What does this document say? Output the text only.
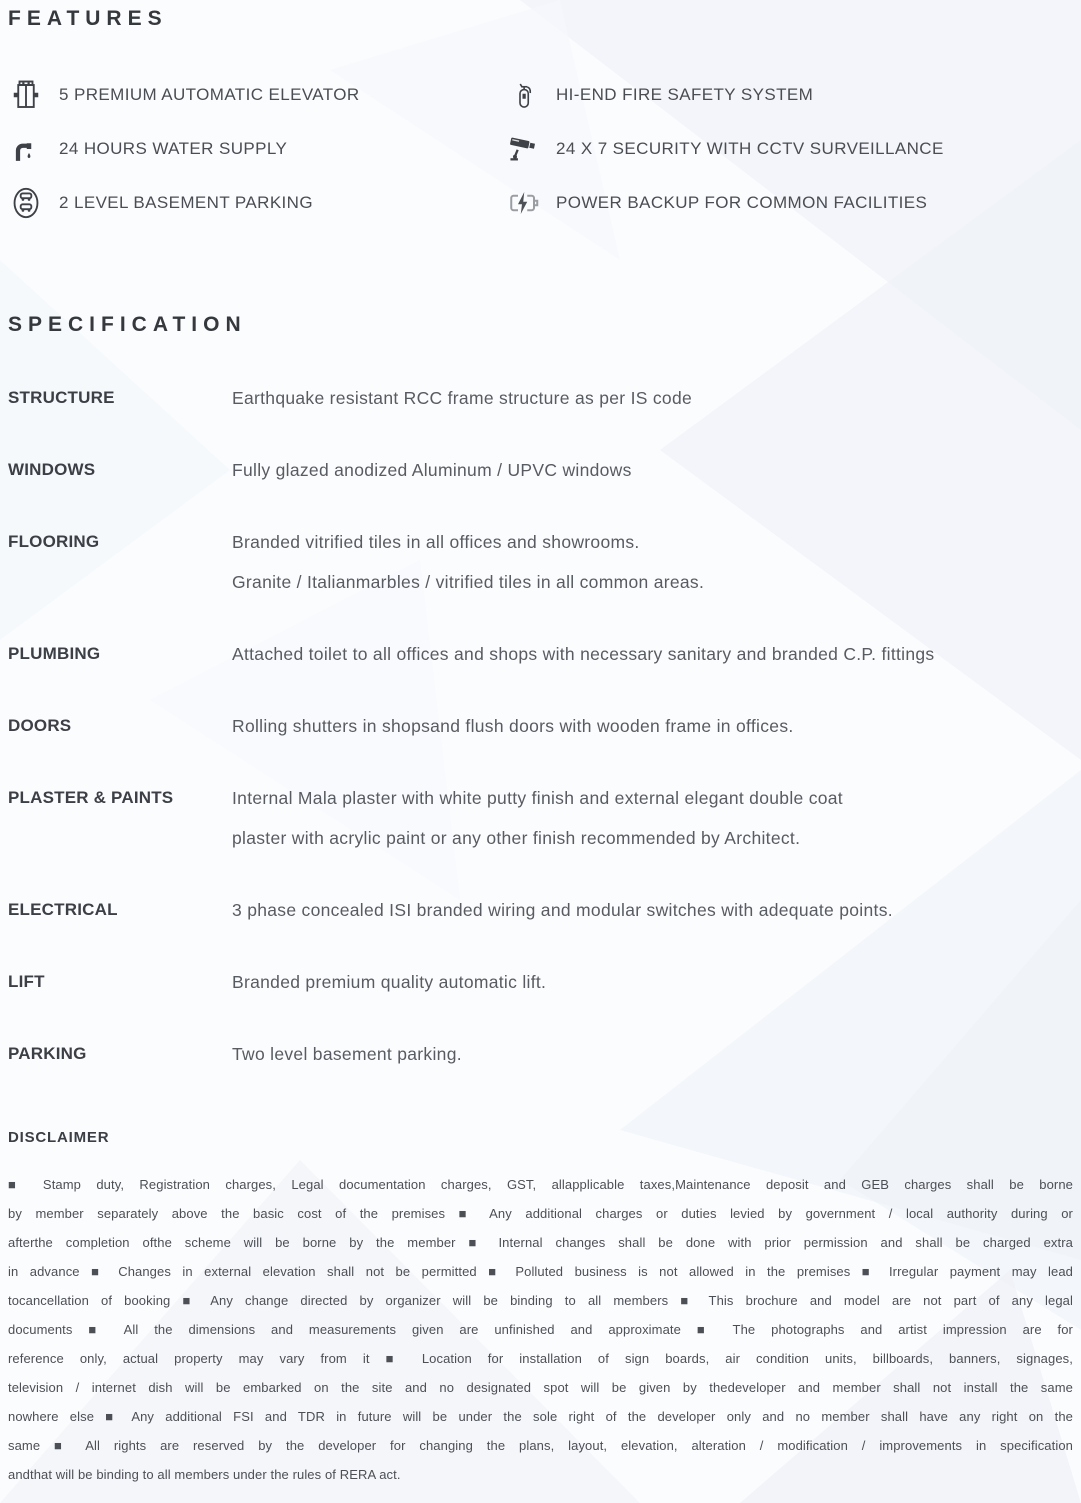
FEATURES
5 PREMIUM AUTOMATIC ELEVATOR
24 HOURS WATER SUPPLY
2 LEVEL BASEMENT PARKING
HI-END FIRE SAFETY SYSTEM
24 X 7 SECURITY WITH CCTV SURVEILLANCE
POWER BACKUP FOR COMMON FACILITIES
SPECIFICATION
STRUCTURE	Earthquake resistant RCC frame structure as per IS code
WINDOWS	Fully glazed anodized Aluminum / UPVC windows
FLOORING	Branded vitrified tiles in all offices and showrooms.
Granite / Italianmarbles / vitrified tiles in all common areas.
PLUMBING	Attached toilet to all offices and shops with necessary sanitary and branded C.P. fittings
DOORS	Rolling shutters in shopsand flush doors with wooden frame in offices.
PLASTER & PAINTS	Internal Mala plaster with white putty finish and external elegant double coat
plaster with acrylic paint or any other finish recommended by Architect.
ELECTRICAL	3 phase concealed ISI branded wiring and modular switches with adequate points.
LIFT	Branded premium quality automatic lift.
PARKING	Two level basement parking.
DISCLAIMER
■ Stamp duty, Registration charges, Legal documentation charges, GST, allapplicable taxes,Maintenance deposit and GEB charges shall be borne
by member separately above the basic cost of the premises ■ Any additional charges or duties levied by government / local authority during or
afterthe completion ofthe scheme will be borne by the member ■ Internal changes shall be done with prior permission and shall be charged extra
in advance ■ Changes in external elevation shall not be permitted ■ Polluted business is not allowed in the premises ■ Irregular payment may lead
tocancellation of booking ■ Any change directed by organizer will be binding to all members ■ This brochure and model are not part of any legal
documents ■ All the dimensions and measurements given are unfinished and approximate ■ The photographs and artist impression are for
reference only, actual property may vary from it ■ Location for installation of sign boards, air condition units, billboards, banners, signages,
television / internet dish will be embarked on the site and no designated spot will be given by thedeveloper and member shall not install the same
nowhere else ■ Any additional FSI and TDR in future will be under the sole right of the developer only and no member shall have any right on the
same ■ All rights are reserved by the developer for changing the plans, layout, elevation, alteration / modification / improvements in specification
andthat will be binding to all members under the rules of RERA act.
